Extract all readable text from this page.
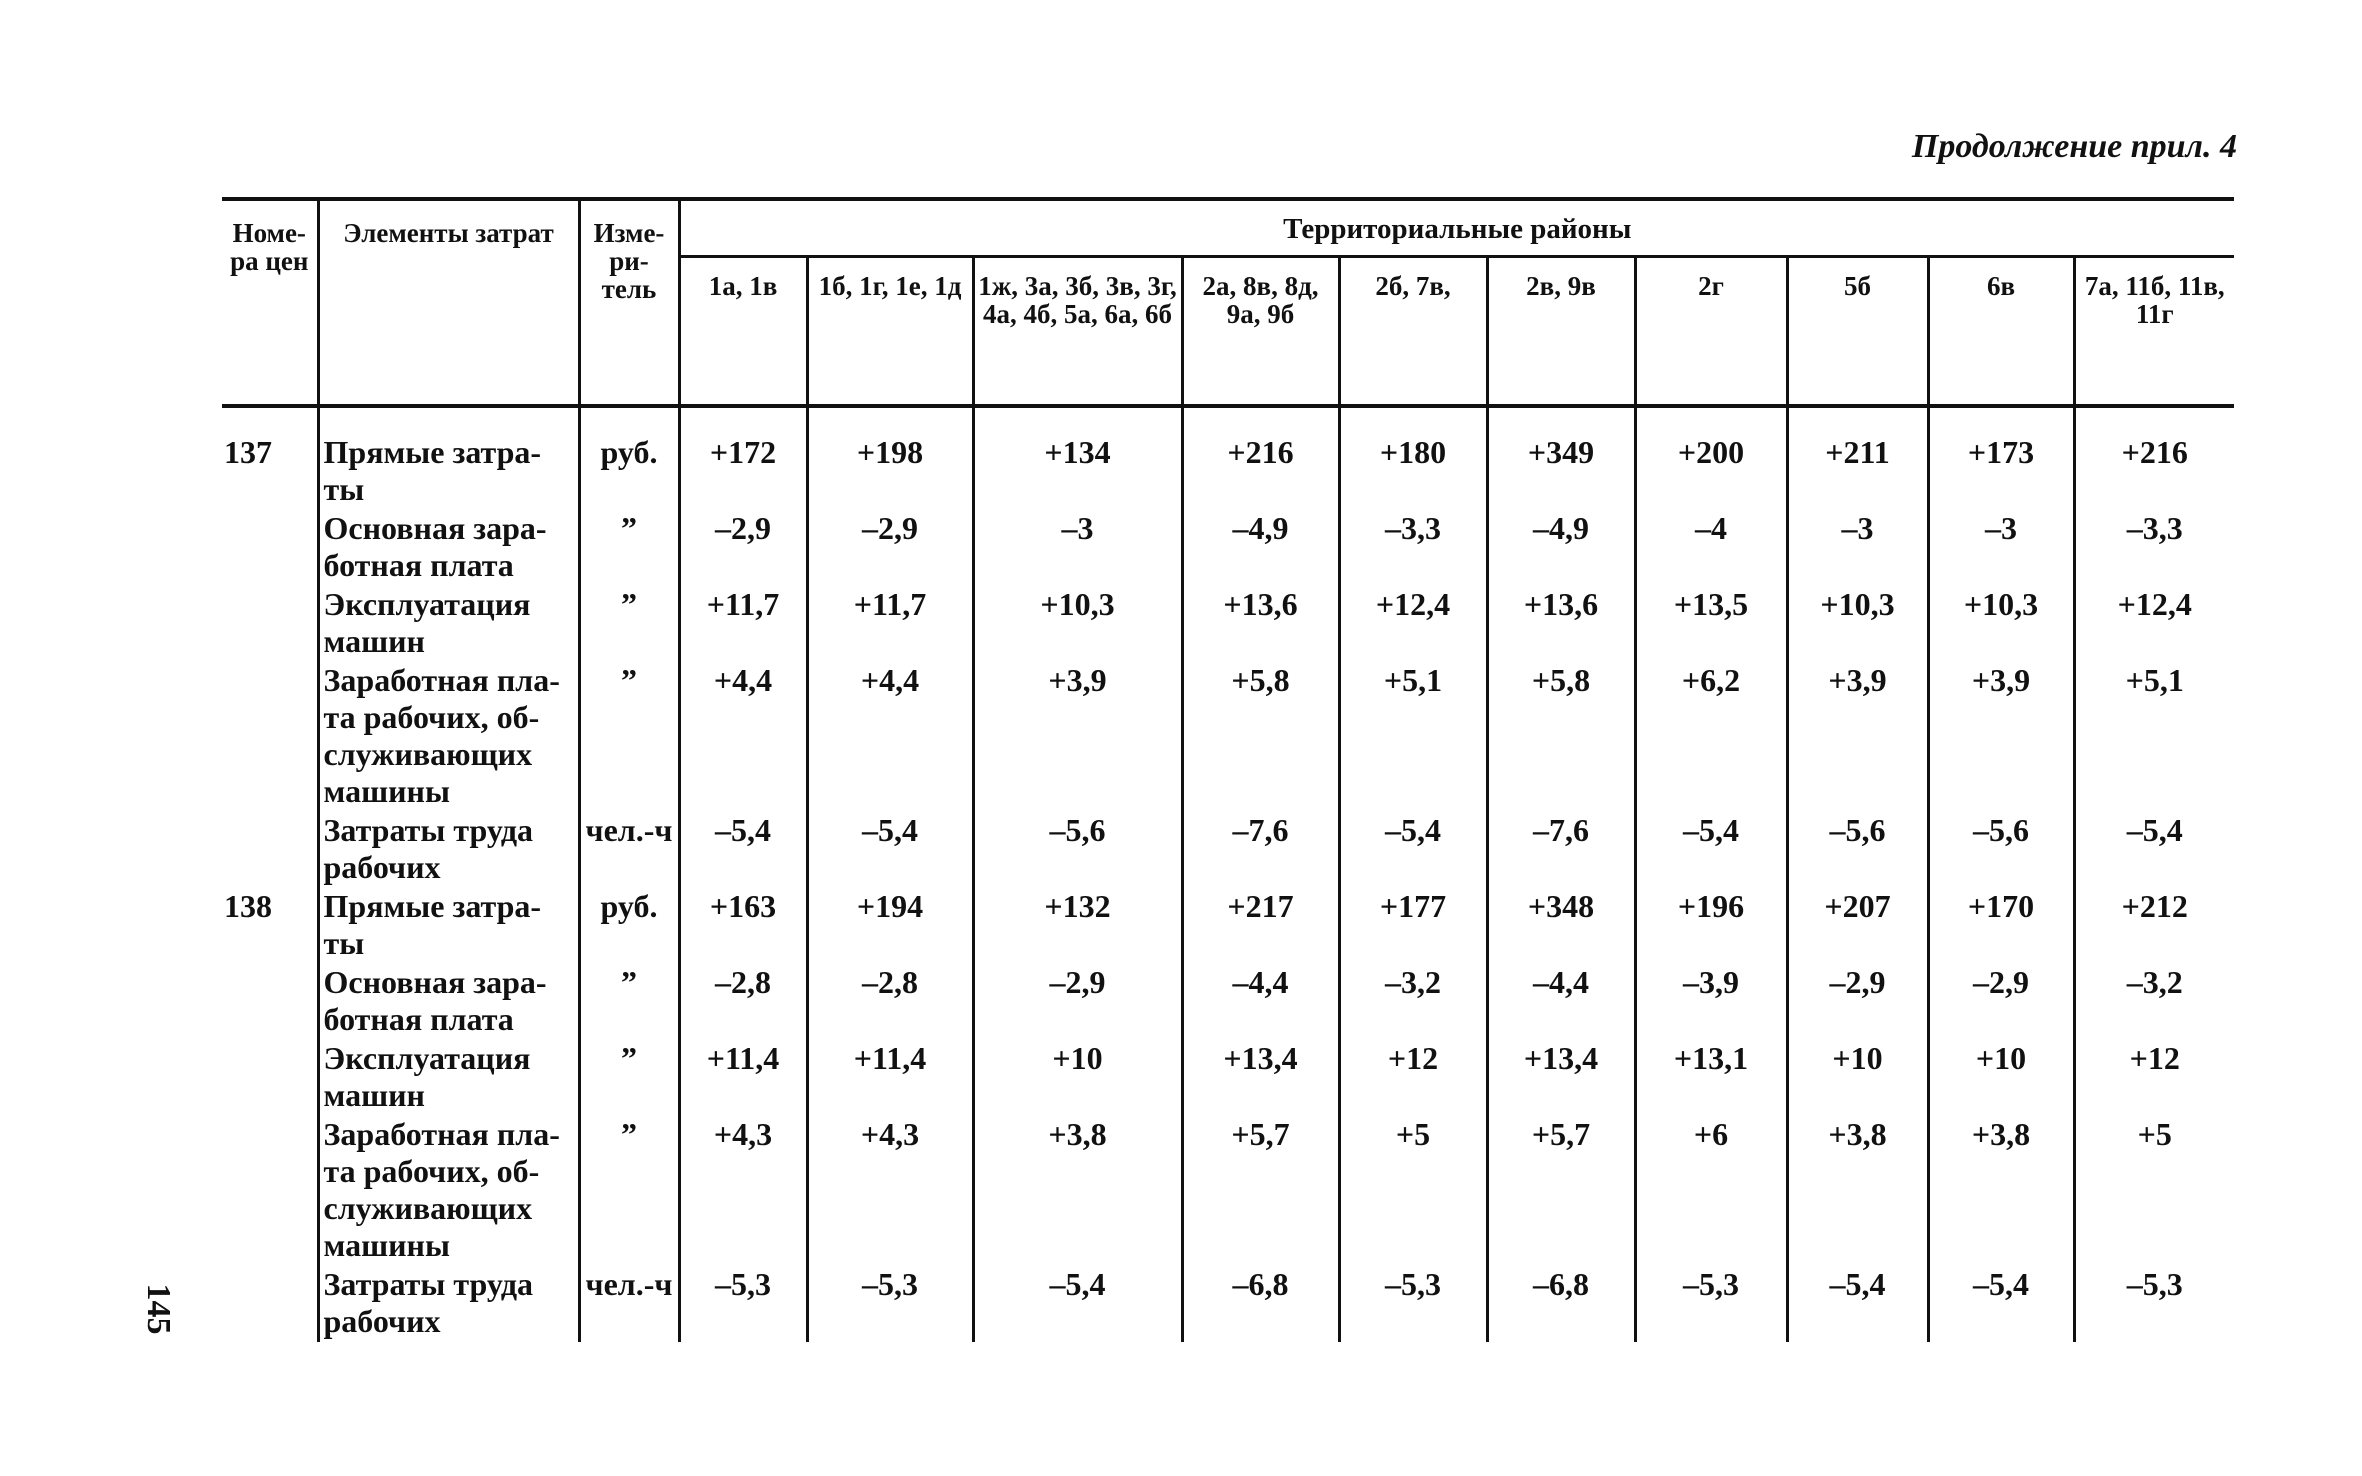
Продолжение прил. 4
145
Номе-ра цен	Элементы затрат	Изме-ри-тель	Территориальные районы									
			1а, 1в	1б, 1г, 1е, 1д	1ж, 3а, 3б, 3в, 3г, 4а, 4б, 5а, 6а, 6б	2а, 8в, 8д, 9а, 9б	2б, 7в,	2в, 9в	2г	5б	6в	7а, 11б, 11в, 11г
137	Прямые затра-ты	руб.	+172	+198	+134	+216	+180	+349	+200	+211	+173	+216
	Основная зара-ботная плата	”	–2,9	–2,9	–3	–4,9	–3,3	–4,9	–4	–3	–3	–3,3
	Эксплуатация машин	”	+11,7	+11,7	+10,3	+13,6	+12,4	+13,6	+13,5	+10,3	+10,3	+12,4
	Заработная пла-та рабочих, об-служивающих машины	”	+4,4	+4,4	+3,9	+5,8	+5,1	+5,8	+6,2	+3,9	+3,9	+5,1
	Затраты труда рабочих	чел.-ч	–5,4	–5,4	–5,6	–7,6	–5,4	–7,6	–5,4	–5,6	–5,6	–5,4
138	Прямые затра-ты	руб.	+163	+194	+132	+217	+177	+348	+196	+207	+170	+212
	Основная зара-ботная плата	”	–2,8	–2,8	–2,9	–4,4	–3,2	–4,4	–3,9	–2,9	–2,9	–3,2
	Эксплуатация машин	”	+11,4	+11,4	+10	+13,4	+12	+13,4	+13,1	+10	+10	+12
	Заработная пла-та рабочих, об-служивающих машины	”	+4,3	+4,3	+3,8	+5,7	+5	+5,7	+6	+3,8	+3,8	+5
	Затраты труда рабочих	чел.-ч	–5,3	–5,3	–5,4	–6,8	–5,3	–6,8	–5,3	–5,4	–5,4	–5,3
